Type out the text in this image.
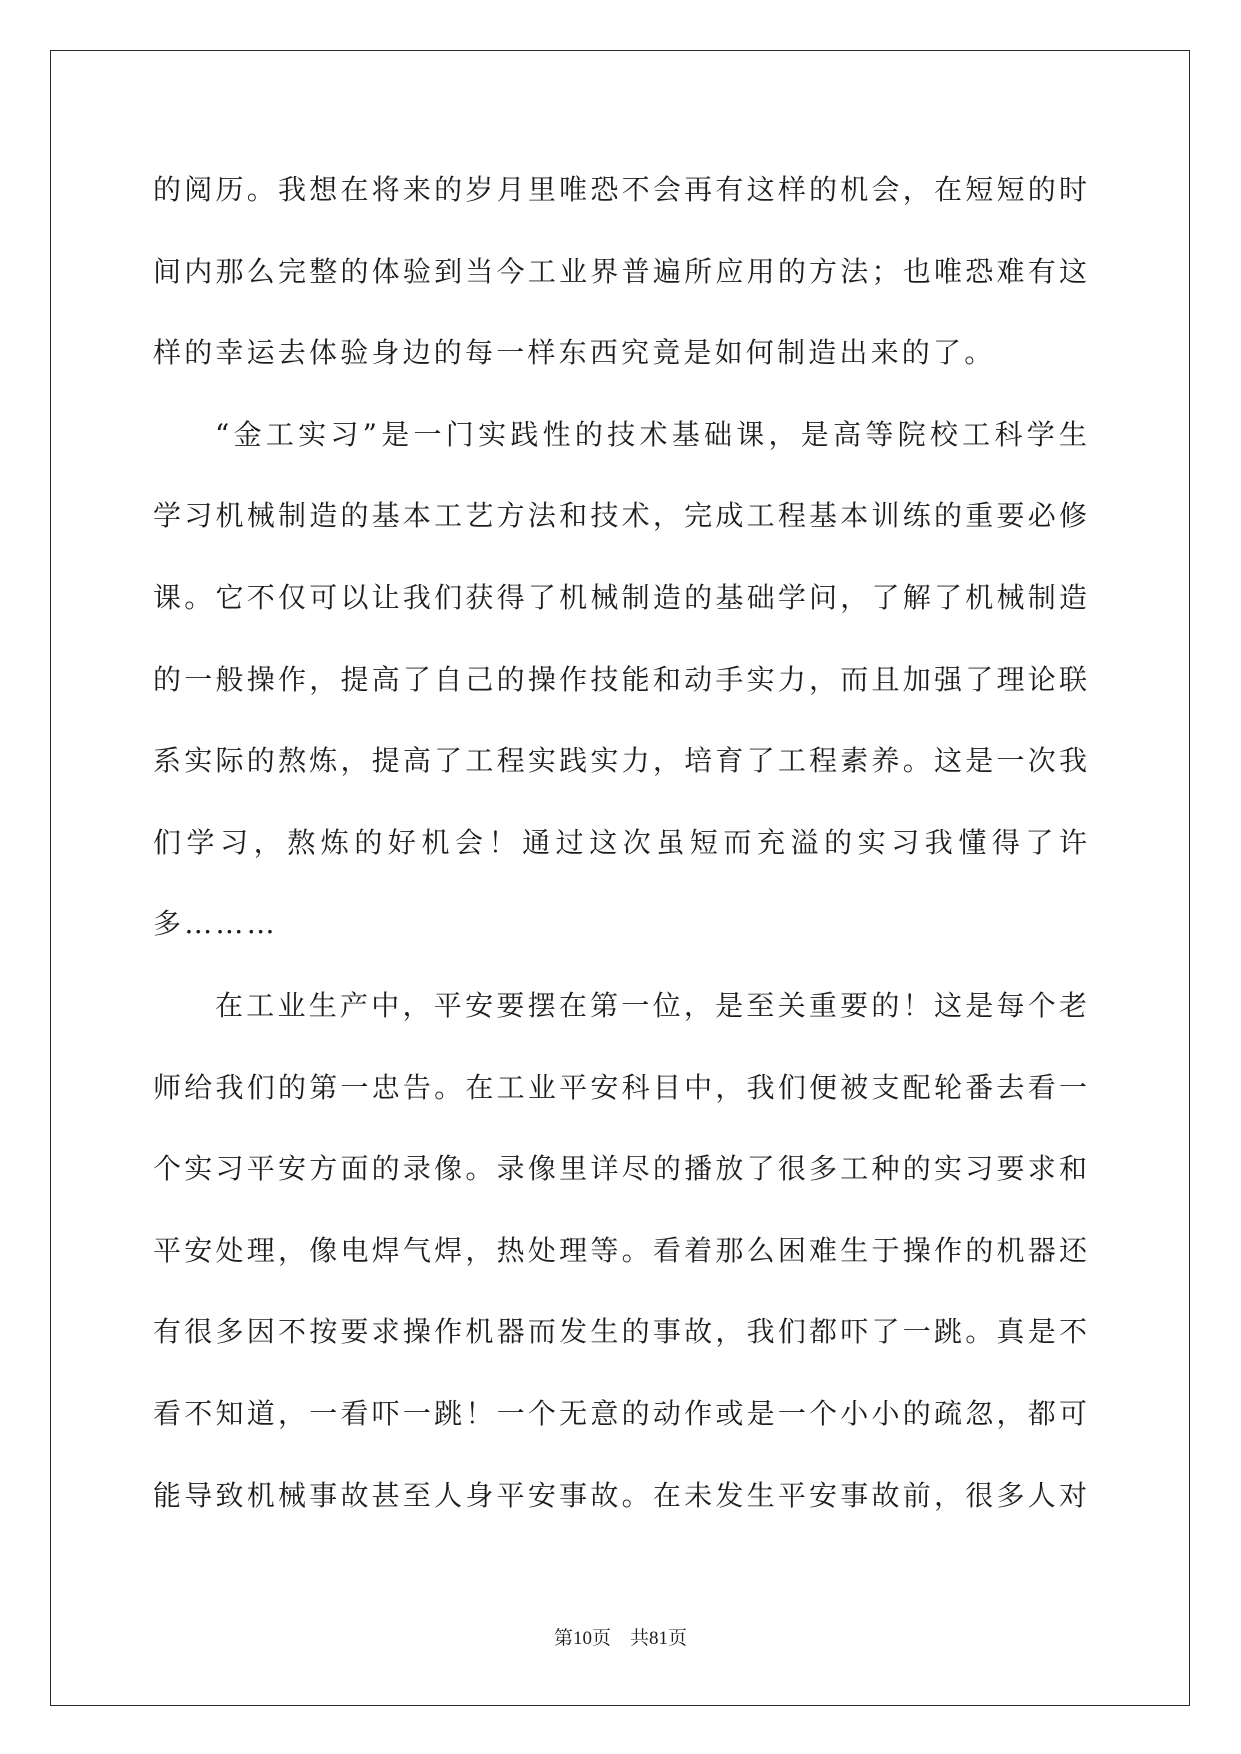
的阅历。我想在将来的岁月里唯恐不会再有这样的机会，在短短的时
间内那么完整的体验到当今工业界普遍所应用的方法；也唯恐难有这
样的幸运去体验身边的每一样东西究竟是如何制造出来的了。
“金工实习”是一门实践性的技术基础课，是高等院校工科学生
学习机械制造的基本工艺方法和技术，完成工程基本训练的重要必修
课。它不仅可以让我们获得了机械制造的基础学问，了解了机械制造
的一般操作，提高了自己的操作技能和动手实力，而且加强了理论联
系实际的熬炼，提高了工程实践实力，培育了工程素养。这是一次我
们学习，熬炼的好机会！通过这次虽短而充溢的实习我懂得了许
多………
在工业生产中，平安要摆在第一位，是至关重要的！这是每个老
师给我们的第一忠告。在工业平安科目中，我们便被支配轮番去看一
个实习平安方面的录像。录像里详尽的播放了很多工种的实习要求和
平安处理，像电焊气焊，热处理等。看着那么困难生于操作的机器还
有很多因不按要求操作机器而发生的事故，我们都吓了一跳。真是不
看不知道，一看吓一跳！一个无意的动作或是一个小小的疏忽，都可
能导致机械事故甚至人身平安事故。在未发生平安事故前，很多人对
第10页　共81页
